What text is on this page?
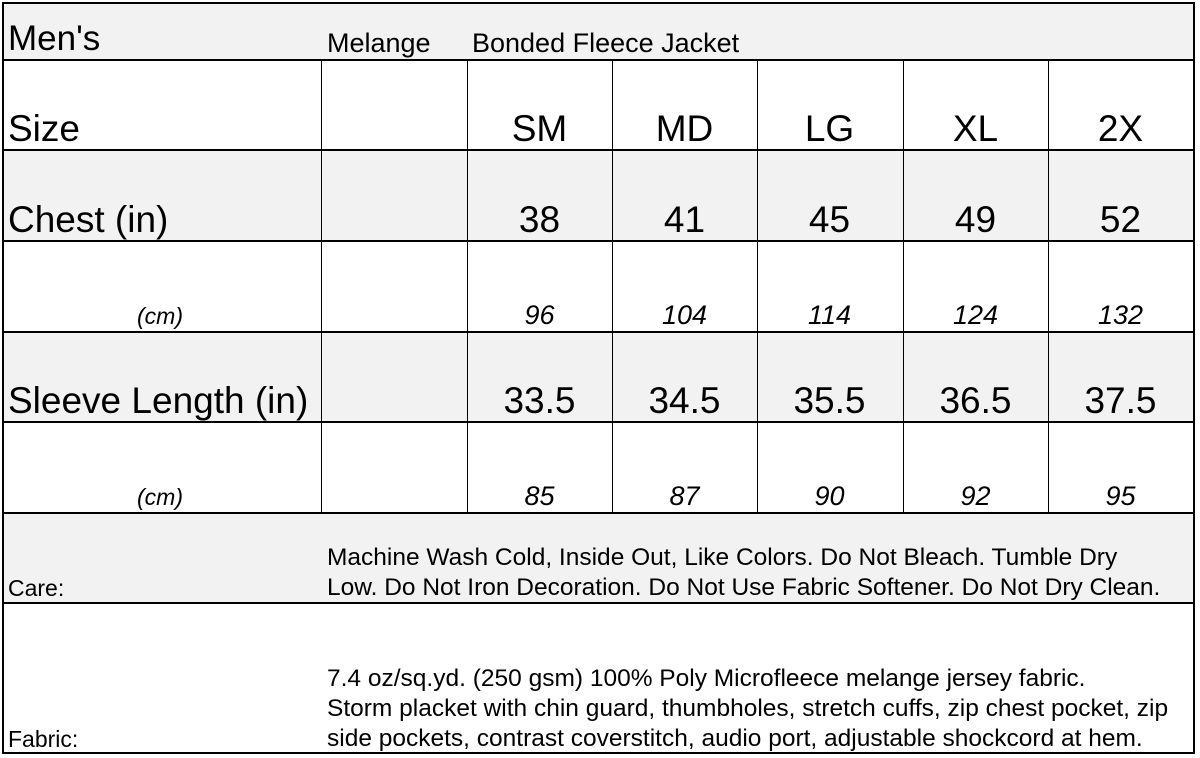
Men's	Melange Bonded Fleece Jacket
Size	SM	MD	LG	XL	2X
Chest (in)	38	41	45	49	52
(cm)	96	104	114	124	132
Sleeve Length (in)	33.5	34.5	35.5	36.5	37.5
(cm)	85	87	90	92	95
Care:
Machine Wash Cold, Inside Out, Like Colors. Do Not Bleach. Tumble Dry
Low. Do Not Iron Decoration. Do Not Use Fabric Softener. Do Not Dry Clean.
Fabric:
7.4 oz/sq.yd. (250 gsm) 100% Poly Microfleece melange jersey fabric.
Storm placket with chin guard, thumbholes, stretch cuffs, zip chest pocket, zip
side pockets, contrast coverstitch, audio port, adjustable shockcord at hem.
